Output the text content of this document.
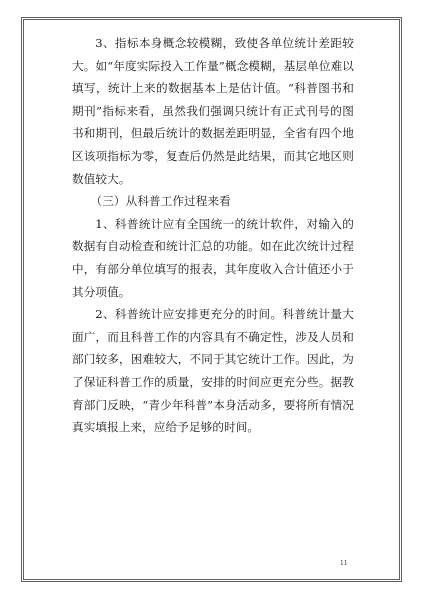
3、指标本身概念较模糊，致使各单位统计差距较大。如“年度实际投入工作量”概念模糊，基层单位难以填写，统计上来的数据基本上是估计值。“科普图书和期刊”指标来看，虽然我们强调只统计有正式刊号的图书和期刊，但最后统计的数据差距明显，全省有四个地区该项指标为零，复查后仍然是此结果，而其它地区则数值较大。

（三）从科普工作过程来看

1、科普统计应有全国统一的统计软件，对输入的数据有自动检查和统计汇总的功能。如在此次统计过程中，有部分单位填写的报表，其年度收入合计值还小于其分项值。

2、科普统计应安排更充分的时间。科普统计量大面广，而且科普工作的内容具有不确定性，涉及人员和部门较多，困难较大，不同于其它统计工作。因此，为了保证科普工作的质量，安排的时间应更充分些。据教育部门反映，“青少年科普”本身活动多，要将所有情况真实填报上来，应给予足够的时间。

11
